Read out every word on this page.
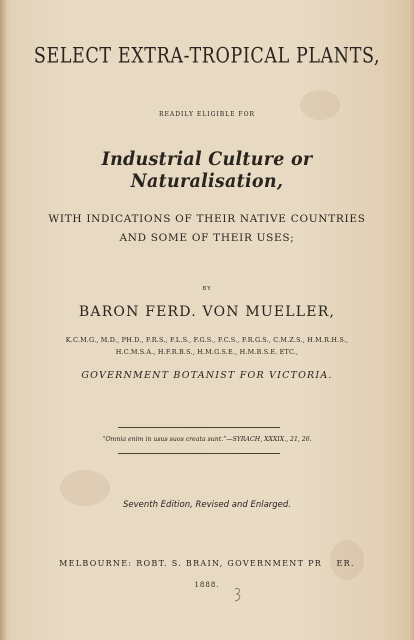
SELECT EXTRA-TROPICAL PLANTS,
READILY ELIGIBLE FOR
Industrial Culture or Naturalisation,
WITH INDICATIONS OF THEIR NATIVE COUNTRIES
AND SOME OF THEIR USES;
BY
BARON FERD. VON MUELLER,
K.C.M.G., M.D., PH.D., F.R.S., F.L.S., F.G.S., F.C.S., F.R.G.S., C.M.Z.S., H.M.R.H.S.,
H.C.M.S.A., H.F.R.B.S., H.M.G.S.E., H.M.B.S.E. ETC.,
GOVERNMENT BOTANIST FOR VICTORIA.
“Omnia enim in usus suos creata sunt.”—SYRACH, XXXIX., 21, 26.
Seventh Edition, Revised and Enlarged.
MELBOURNE: ROBT. S. BRAIN, GOVERNMENT PR   ER.
1888.
